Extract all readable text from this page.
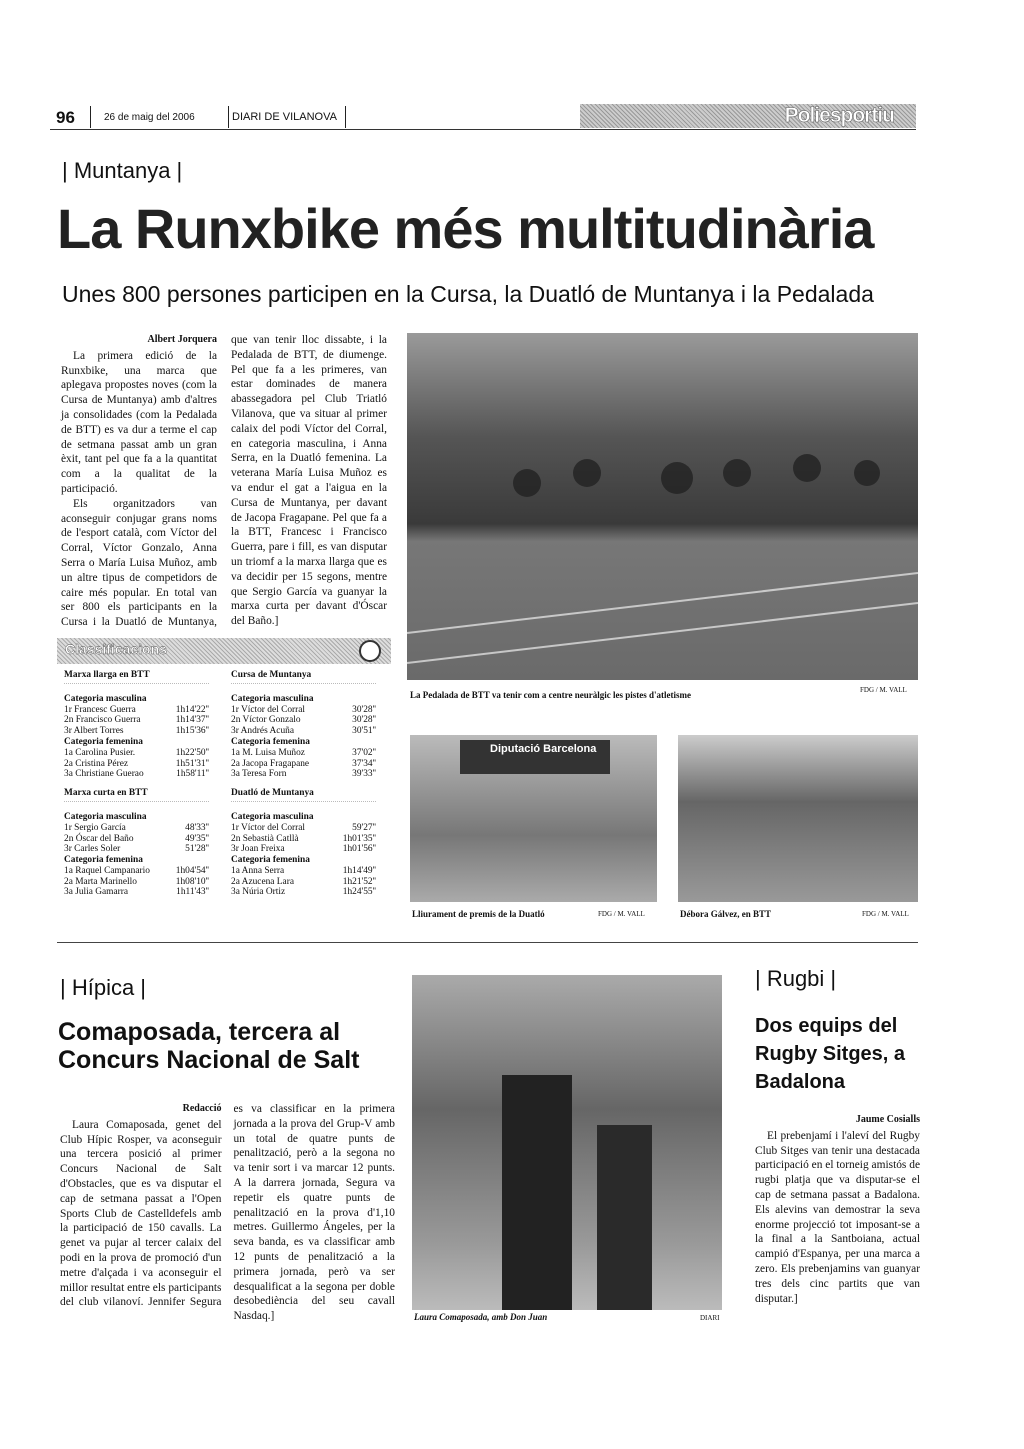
96	26 de maig del 2006	DIARI DE VILANOVA	Poliesportiu
| Muntanya |
La Runxbike més multitudinària
Unes 800 persones participen en la Cursa, la Duatló de Muntanya i la Pedalada
Albert Jorquera

La primera edició de la Runxbike, una marca que aplegava propostes noves (com la Cursa de Muntanya) amb d'altres ja consolidades (com la Pedalada de BTT) es va dur a terme el cap de setmana passat amb un gran èxit, tant pel que fa a la quantitat com a la qualitat de la participació.

Els organitzadors van aconseguir conjugar grans noms de l'esport català, com Víctor del Corral, Víctor Gonzalo, Anna Serra o María Luisa Muñoz, amb un altre tipus de competidors de caire més popular. En total van ser 800 els participants en la Cursa i la Duatló de Muntanya, que van tenir lloc dissabte, i la Pedalada de BTT, de diumenge. Pel que fa a les primeres, van estar dominades de manera abassegadora pel Club Triatló Vilanova, que va situar al primer calaix del podi Víctor del Corral, en categoria masculina, i Anna Serra, en la Duatló femenina. La veterana María Luisa Muñoz es va endur el gat a l'aigua en la Cursa de Muntanya, per davant de Jacopa Fragapane. Pel que fa a la BTT, Francesc i Francisco Guerra, pare i fill, es van disputar un triomf a la marxa llarga que es va decidir per 15 segons, mentre que Sergio García va guanyar la marxa curta per davant d'Óscar del Baño.]

Classificacions
Marxa llarga en BTT
Categoria masculina
1r Francesc Guerra	1h14'22''
2n Francisco Guerra	1h14'37''
3r Albert Torres	1h15'36''
Categoria femenina
1a Carolina Pusier.	1h22'50''
2a Cristina Pérez	1h51'31''
3a Christiane Guerao	1h58'11''
Cursa de Muntanya
Categoria masculina
1r Víctor del Corral	30'28''
2n Víctor Gonzalo	30'28''
3r Andrés Acuña	30'51''
Categoria femenina
1a M. Luisa Muñoz	37'02''
2a Jacopa Fragapane	37'34''
3a Teresa Forn	39'33''
Marxa curta en BTT
Categoria masculina
1r Sergio García	48'33''
2n Óscar del Baño	49'35''
3r Carles Soler	51'28''
Categoria femenina
1a Raquel Campanario	1h04'54''
2a Marta Marinello	1h08'10''
3a Julia Gamarra	1h11'43''
Duatló de Muntanya
Categoria masculina
1r Víctor del Corral	59'27''
2n Sebastià Catllà	1h01'35''
3r Joan Freixa	1h01'56''
Categoria femenina
1a Anna Serra	1h14'49''
2a Azucena Lara	1h21'52''
3a Núria Ortiz	1h24'55''
La Pedalada de BTT va tenir com a centre neuràlgic les pistes d'atletisme	FDG / M. VALL
Diputació Barcelona
Lliurament de premis de la Duatló	FDG / M. VALL	Débora Gálvez, en BTT	FDG / M. VALL
| Hípica |
Comaposada, tercera al Concurs Nacional de Salt
Redacció

Laura Comaposada, genet del Club Hípic Rosper, va aconseguir una tercera posició al primer Concurs Nacional de Salt d'Obstacles, que es va disputar el cap de setmana passat a l'Open Sports Club de Castelldefels amb la participació de 150 cavalls. La genet va pujar al tercer calaix del podi en la prova de promoció d'un metre d'alçada i va aconseguir el millor resultat entre els participants del club vilanoví. Jennifer Segura es va classificar en la primera jornada a la prova del Grup-V amb un total de quatre punts de penalització, però a la segona no va tenir sort i va marcar 12 punts. A la darrera jornada, Segura va repetir els quatre punts de penalització en la prova d'1,10 metres. Guillermo Ángeles, per la seva banda, es va classificar amb 12 punts de penalització a la primera jornada, però va ser desqualificat a la segona per doble desobediència del seu cavall Nasdaq.]	Laura Comaposada, amb Don Juan	DIARI
| Rugbi |
Dos equips del Rugby Sitges, a Badalona
Jaume Cosialls

El prebenjamí i l'aleví del Rugby Club Sitges van tenir una destacada participació en el torneig amistós de rugbi platja que va disputar-se el cap de setmana passat a Badalona. Els alevins van demostrar la seva enorme projecció tot imposant-se a la final a la Santboiana, actual campió d'Espanya, per una marca a zero. Els prebenjamins van guanyar tres dels cinc partits que van disputar.]
